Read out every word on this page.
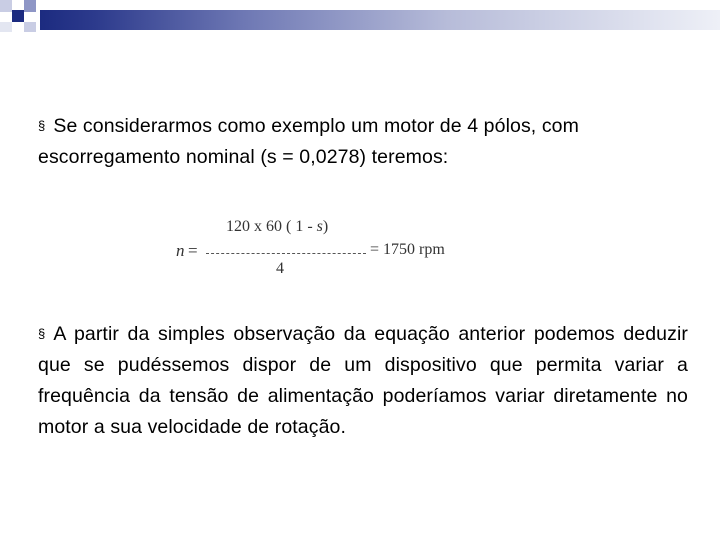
§ Se considerarmos como exemplo um motor de 4 pólos, com escorregamento nominal (s = 0,0278) teremos:
n =
120 x 60 ( 1 - s)
4
= 1750 rpm
§ A partir da simples observação da equação anterior podemos deduzir que se pudéssemos dispor de um dispositivo que permita variar a frequência da tensão de alimentação poderíamos variar diretamente no motor a sua velocidade de rotação.
